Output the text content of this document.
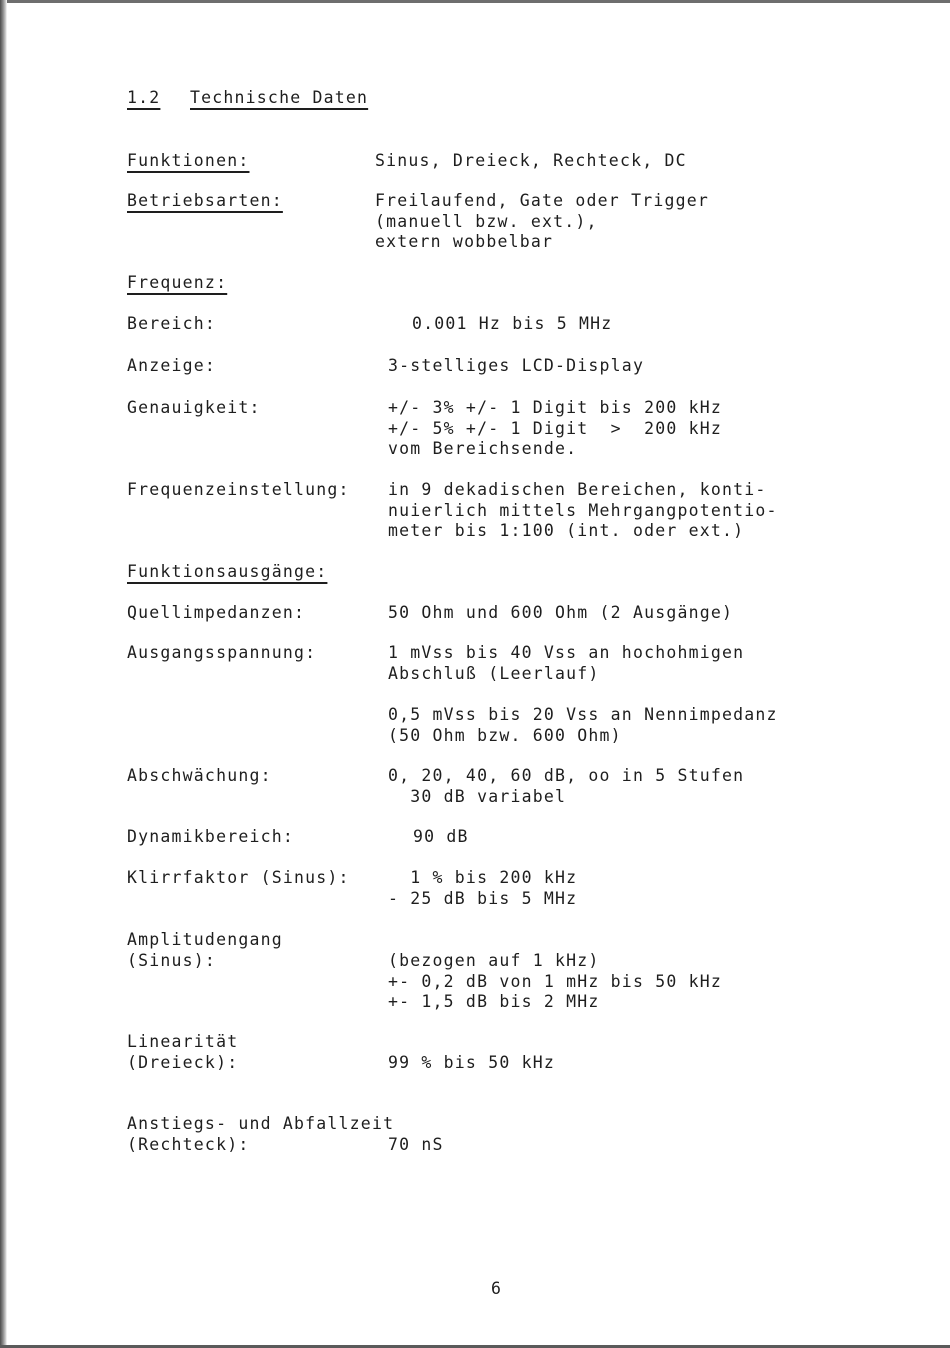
1.2 Technische Daten
Funktionen:	Sinus, Dreieck, Rechteck, DC
Betriebsarten:	Freilaufend, Gate oder Trigger
(manuell bzw. ext.),
extern wobbelbar
Frequenz:
Bereich:	0.001 Hz bis 5 MHz
Anzeige:	3-stelliges LCD-Display
Genauigkeit:	+/- 3% +/- 1 Digit bis 200 kHz
+/- 5% +/- 1 Digit  >  200 kHz
vom Bereichsende.
Frequenzeinstellung: in 9 dekadischen Bereichen, konti-
nuierlich mittels Mehrgangpotentio-
meter bis 1:100 (int. oder ext.)
Funktionsausgänge:
Quellimpedanzen:	50 Ohm und 600 Ohm (2 Ausgänge)
Ausgangsspannung:	1 mVss bis 40 Vss an hochohmigen
Abschluß (Leerlauf)
0,5 mVss bis 20 Vss an Nennimpedanz
(50 Ohm bzw. 600 Ohm)
Abschwächung:	0, 20, 40, 60 dB, oo in 5 Stufen
30 dB variabel
Dynamikbereich:	90 dB
Klirrfaktor (Sinus):	1 % bis 200 kHz
- 25 dB bis 5 MHz
Amplitudengang
(Sinus):	(bezogen auf 1 kHz)
+- 0,2 dB von 1 mHz bis 50 kHz
+- 1,5 dB bis 2 MHz
Linearität
(Dreieck):	99 % bis 50 kHz
Anstiegs- und Abfallzeit
(Rechteck):	70 nS
6
